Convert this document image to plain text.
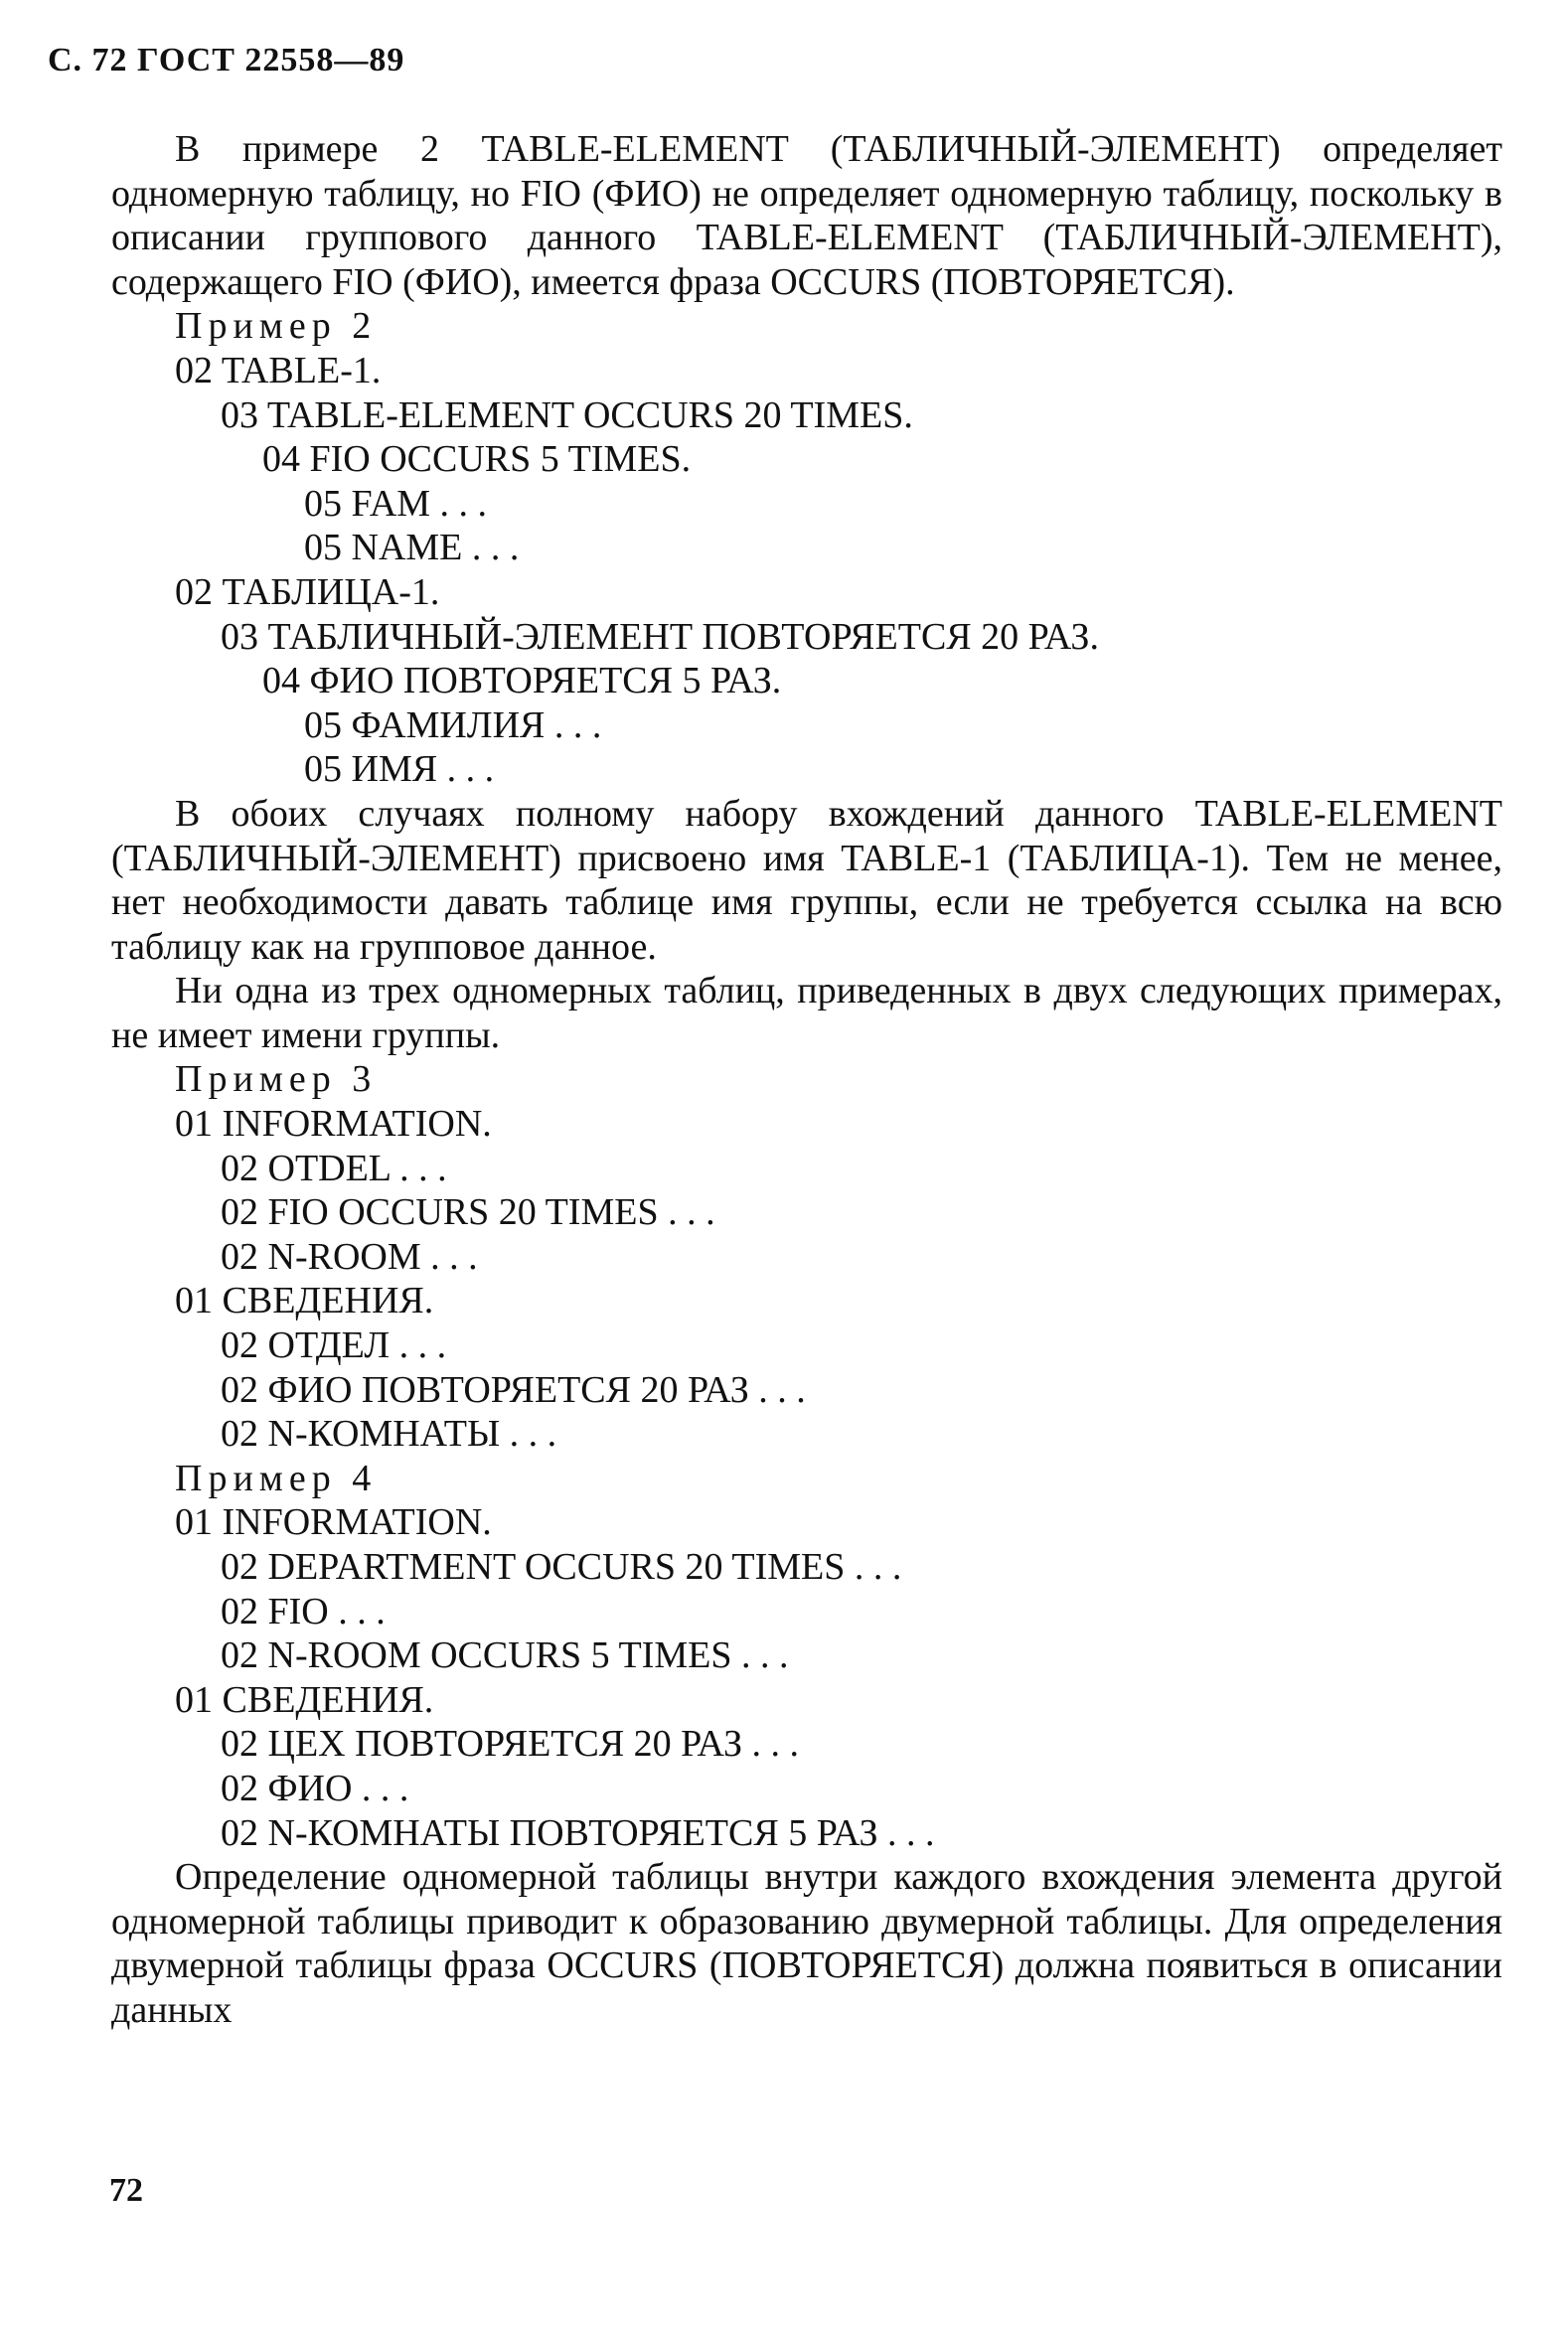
С. 72 ГОСТ 22558—89

В примере 2 TABLE-ELEMENT (ТАБЛИЧНЫЙ-ЭЛЕМЕНТ) определяет одномерную таблицу, но FIO (ФИО) не определяет одномерную таблицу, поскольку в описании группового данного TABLE-ELEMENT (ТАБЛИЧНЫЙ-ЭЛЕМЕНТ), содержащего FIO (ФИО), имеется фраза OCCURS (ПОВТОРЯЕТСЯ).

Пример 2
02 TABLE-1.
03 TABLE-ELEMENT OCCURS 20 TIMES.
04 FIO OCCURS 5 TIMES.
05 FAM . . .
05 NAME . . .
02 ТАБЛИЦА-1.
03 ТАБЛИЧНЫЙ-ЭЛЕМЕНТ ПОВТОРЯЕТСЯ 20 РАЗ.
04 ФИО ПОВТОРЯЕТСЯ 5 РАЗ.
05 ФАМИЛИЯ . . .
05 ИМЯ . . .

В обоих случаях полному набору вхождений данного TABLE-ELEMENT (ТАБЛИЧНЫЙ-ЭЛЕМЕНТ) присвоено имя TABLE-1 (ТАБЛИЦА-1). Тем не менее, нет необходимости давать таблице имя группы, если не требуется ссылка на всю таблицу как на групповое данное.

Ни одна из трех одномерных таблиц, приведенных в двух следующих примерах, не имеет имени группы.

Пример 3
01 INFORMATION.
02 OTDEL . . .
02 FIO OCCURS 20 TIMES . . .
02 N-ROOM . . .
01 СВЕДЕНИЯ.
02 ОТДЕЛ . . .
02 ФИО ПОВТОРЯЕТСЯ 20 РАЗ . . .
02 N-КОМНАТЫ . . .
Пример 4
01 INFORMATION.
02 DEPARTMENT OCCURS 20 TIMES . . .
02 FIO . . .
02 N-ROOM OCCURS 5 TIMES . . .
01 СВЕДЕНИЯ.
02 ЦЕХ ПОВТОРЯЕТСЯ 20 РАЗ . . .
02 ФИО . . .
02 N-КОМНАТЫ ПОВТОРЯЕТСЯ 5 РАЗ . . .

Определение одномерной таблицы внутри каждого вхождения элемента другой одномерной таблицы приводит к образованию двумерной таблицы. Для определения двумерной таблицы фраза OCCURS (ПОВТОРЯЕТСЯ) должна появиться в описании данных

72
